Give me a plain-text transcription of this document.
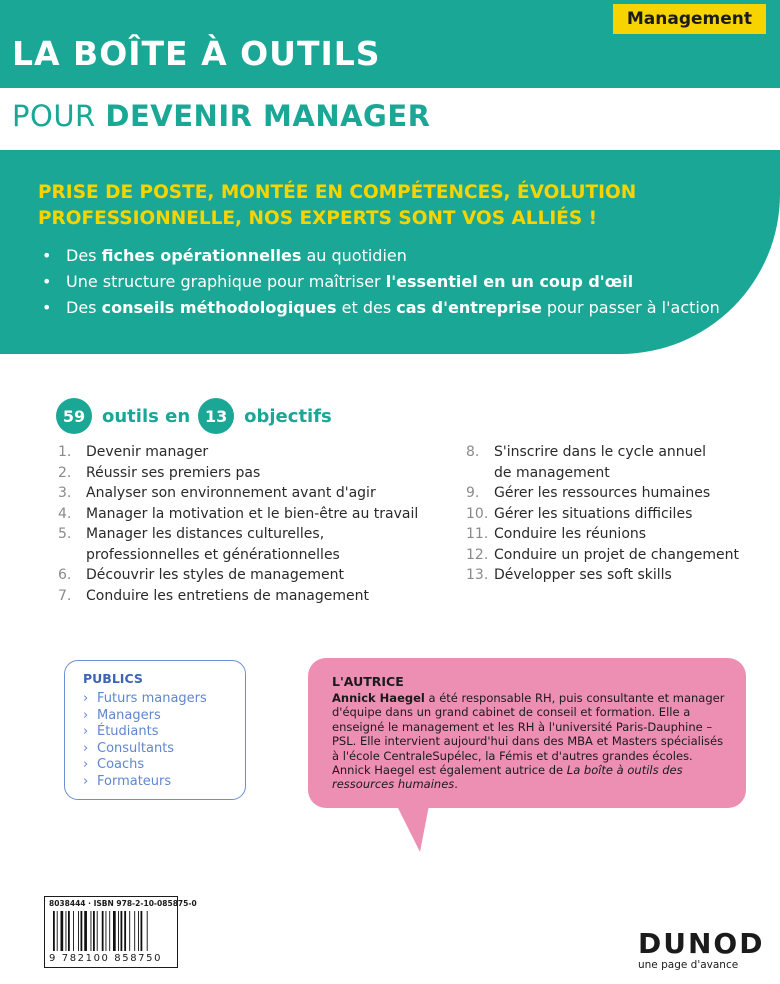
Management
LA BOÎTE À OUTILS
POUR DEVENIR MANAGER
PRISE DE POSTE, MONTÉE EN COMPÉTENCES, ÉVOLUTION
PROFESSIONNELLE, NOS EXPERTS SONT VOS ALLIÉS !
• Des fiches opérationnelles au quotidien
• Une structure graphique pour maîtriser l'essentiel en un coup d'œil
• Des conseils méthodologiques et des cas d'entreprise pour passer à l'action
59 outils en 13 objectifs
1.	Devenir manager
2.	Réussir ses premiers pas
3.	Analyser son environnement avant d'agir
4.	Manager la motivation et le bien-être au travail
5.	Manager les distances culturelles,
professionnelles et générationnelles
6.	Découvrir les styles de management
7.	Conduire les entretiens de management
8.	S'inscrire dans le cycle annuel
de management
9.	Gérer les ressources humaines
10. Gérer les situations difficiles
11. Conduire les réunions
12. Conduire un projet de changement
13. Développer ses soft skills
PUBLICS
› Futurs managers
› Managers
› Étudiants
› Consultants
› Coachs
› Formateurs
L'AUTRICE

Annick Haegel a été responsable RH, puis consultante et manager d'équipe dans un grand cabinet de conseil et formation. Elle a enseigné le management et les RH à l'université Paris-Dauphine – PSL. Elle intervient aujourd'hui dans des MBA et Masters spécialisés à l'école CentraleSupélec, la Fémis et d'autres grandes écoles. Annick Haegel est également autrice de La boîte à outils des ressources humaines.

8038444 · ISBN 978-2-10-085875-0
9 782100 858750	DUNOD
une page d'avance
